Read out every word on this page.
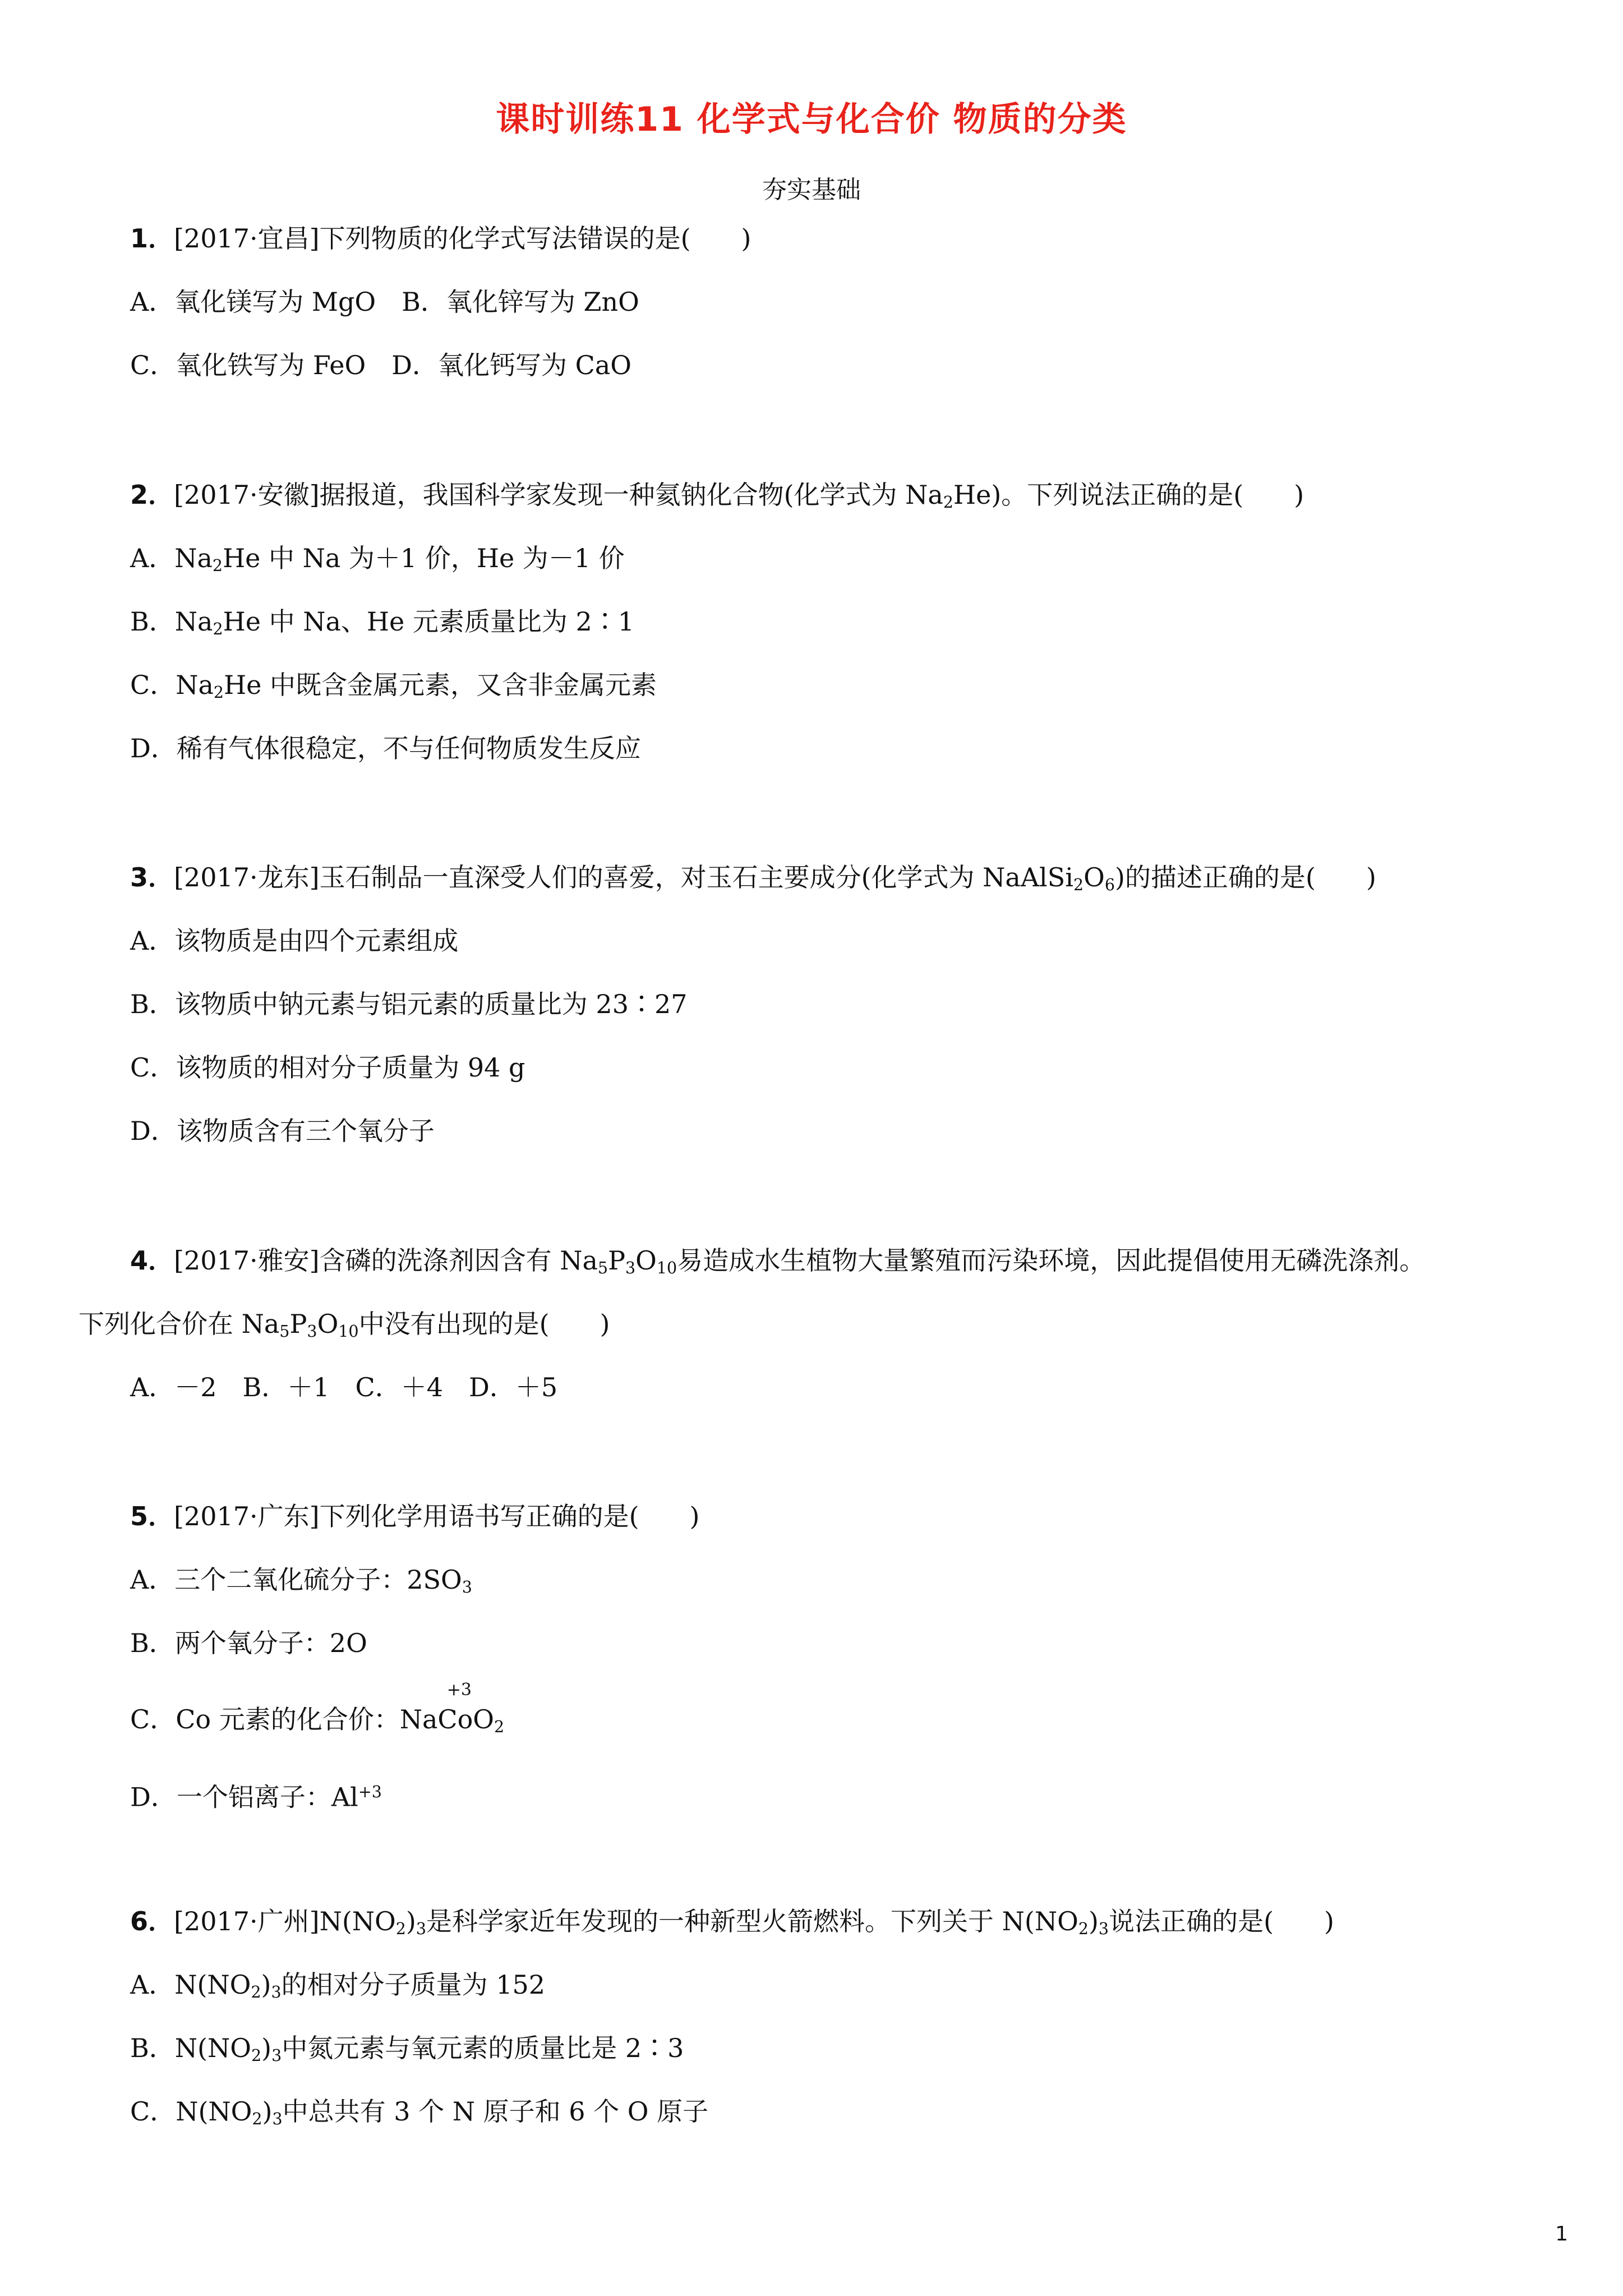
课时训练11 化学式与化合价 物质的分类
夯实基础
1．[2017·宜昌]下列物质的化学式写法错误的是( )
A．氧化镁写为 MgO　B．氧化锌写为 ZnO
C．氧化铁写为 FeO　D．氧化钙写为 CaO
2．[2017·安徽]据报道，我国科学家发现一种氦钠化合物(化学式为 $Na_2He$)。下列说法正确的是( )
A．$Na_2He$ 中 Na 为＋1 价，He 为－1 价
B．$Na_2He$ 中 Na、He 元素质量比为 2∶1
C．$Na_2He$ 中既含金属元素，又含非金属元素
D．稀有气体很稳定，不与任何物质发生反应
3．[2017·龙东]玉石制品一直深受人们的喜爱，对玉石主要成分(化学式为 $NaAlSi_2O_6$)的描述正确的是( )
A．该物质是由四个元素组成
B．该物质中钠元素与铝元素的质量比为 23∶27
C．该物质的相对分子质量为 94 g
D．该物质含有三个氧分子
4．[2017·雅安]含磷的洗涤剂因含有 $Na_5P_3O_{10}$易造成水生植物大量繁殖而污染环境，因此提倡使用无磷洗涤剂。
下列化合价在 $Na_5P_3O_{10}$中没有出现的是( )
A．－2　B．＋1　C．＋4　D．＋5
5．[2017·广东]下列化学用语书写正确的是( )
A．三个二氧化硫分子：$2SO_3$
B．两个氧分子：2O
C．Co 元素的化合价：
+3
NaCoO$_2$
D．一个铝离子：$Al^{+3}$
6．[2017·广州]$N(NO_2)_3$是科学家近年发现的一种新型火箭燃料。下列关于 $N(NO_2)_3$说法正确的是( )
A．$N(NO_2)_3$的相对分子质量为 152
B．$N(NO_2)_3$中氮元素与氧元素的质量比是 2∶3
C．$N(NO_2)_3$中总共有 3 个 N 原子和 6 个 O 原子
1
